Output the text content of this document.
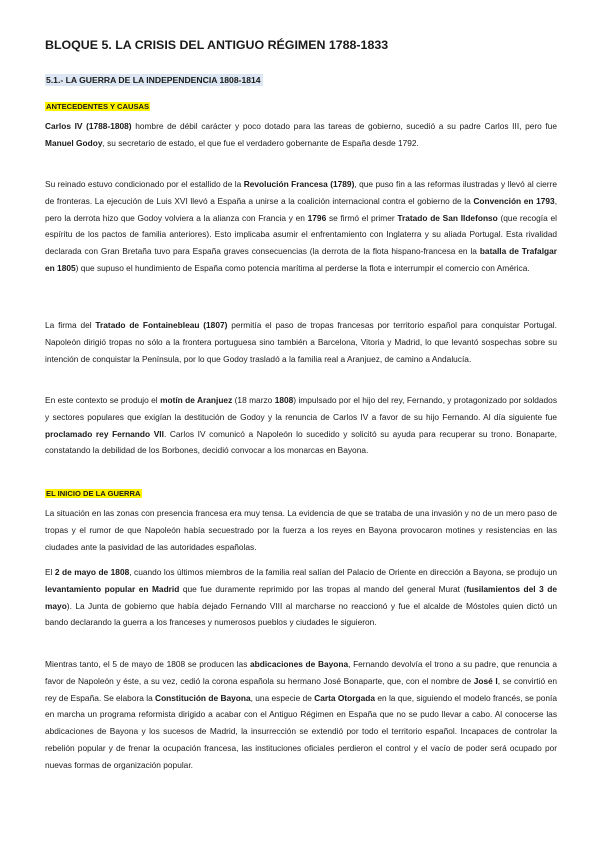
BLOQUE 5. LA CRISIS DEL ANTIGUO RÉGIMEN 1788-1833
5.1.- LA GUERRA DE LA INDEPENDENCIA 1808-1814
ANTECEDENTES Y CAUSAS
Carlos IV (1788-1808) hombre de débil carácter y poco dotado para las tareas de gobierno, sucedió a su padre Carlos III, pero fue Manuel Godoy, su secretario de estado, el que fue el verdadero gobernante de España desde 1792.
Su reinado estuvo condicionado por el estallido de la Revolución Francesa (1789), que puso fin a las reformas ilustradas y llevó al cierre de fronteras. La ejecución de Luis XVI llevó a España a unirse a la coalición internacional contra el gobierno de la Convención en 1793, pero la derrota hizo que Godoy volviera a la alianza con Francia y en 1796 se firmó el primer Tratado de San Ildefonso (que recogía el espíritu de los pactos de familia anteriores). Esto implicaba asumir el enfrentamiento con Inglaterra y su aliada Portugal. Esta rivalidad declarada con Gran Bretaña tuvo para España graves consecuencias (la derrota de la flota hispano-francesa en la batalla de Trafalgar en 1805) que supuso el hundimiento de España como potencia marítima al perderse la flota e interrumpir el comercio con América.
La firma del Tratado de Fontainebleau (1807) permitía el paso de tropas francesas por territorio español para conquistar Portugal. Napoleón dirigió tropas no sólo a la frontera portuguesa sino también a Barcelona, Vitoria y Madrid, lo que levantó sospechas sobre su intención de conquistar la Península, por lo que Godoy trasladó a la familia real a Aranjuez, de camino a Andalucía.
En este contexto se produjo el motín de Aranjuez (18 marzo 1808) impulsado por el hijo del rey, Fernando, y protagonizado por soldados y sectores populares que exigían la destitución de Godoy y la renuncia de Carlos IV a favor de su hijo Fernando. Al día siguiente fue proclamado rey Fernando VII. Carlos IV comunicó a Napoleón lo sucedido y solicitó su ayuda para recuperar su trono. Bonaparte, constatando la debilidad de los Borbones, decidió convocar a los monarcas en Bayona.
EL INICIO DE LA GUERRA
La situación en las zonas con presencia francesa era muy tensa. La evidencia de que se trataba de una invasión y no de un mero paso de tropas y el rumor de que Napoleón había secuestrado por la fuerza a los reyes en Bayona provocaron motines y resistencias en las ciudades ante la pasividad de las autoridades españolas.
El 2 de mayo de 1808, cuando los últimos miembros de la familia real salían del Palacio de Oriente en dirección a Bayona, se produjo un levantamiento popular en Madrid que fue duramente reprimido por las tropas al mando del general Murat (fusilamientos del 3 de mayo). La Junta de gobierno que había dejado Fernando VIII al marcharse no reaccionó y fue el alcalde de Móstoles quien dictó un bando declarando la guerra a los franceses y numerosos pueblos y ciudades le siguieron.
Mientras tanto, el 5 de mayo de 1808 se producen las abdicaciones de Bayona, Fernando devolvía el trono a su padre, que renuncia a favor de Napoleón y éste, a su vez, cedió la corona española su hermano José Bonaparte, que, con el nombre de José I, se convirtió en rey de España. Se elabora la Constitución de Bayona, una especie de Carta Otorgada en la que, siguiendo el modelo francés, se ponía en marcha un programa reformista dirigido a acabar con el Antiguo Régimen en España que no se pudo llevar a cabo. Al conocerse las abdicaciones de Bayona y los sucesos de Madrid, la insurrección se extendió por todo el territorio español. Incapaces de controlar la rebelión popular y de frenar la ocupación francesa, las instituciones oficiales perdieron el control y el vacío de poder será ocupado por nuevas formas de organización popular.
